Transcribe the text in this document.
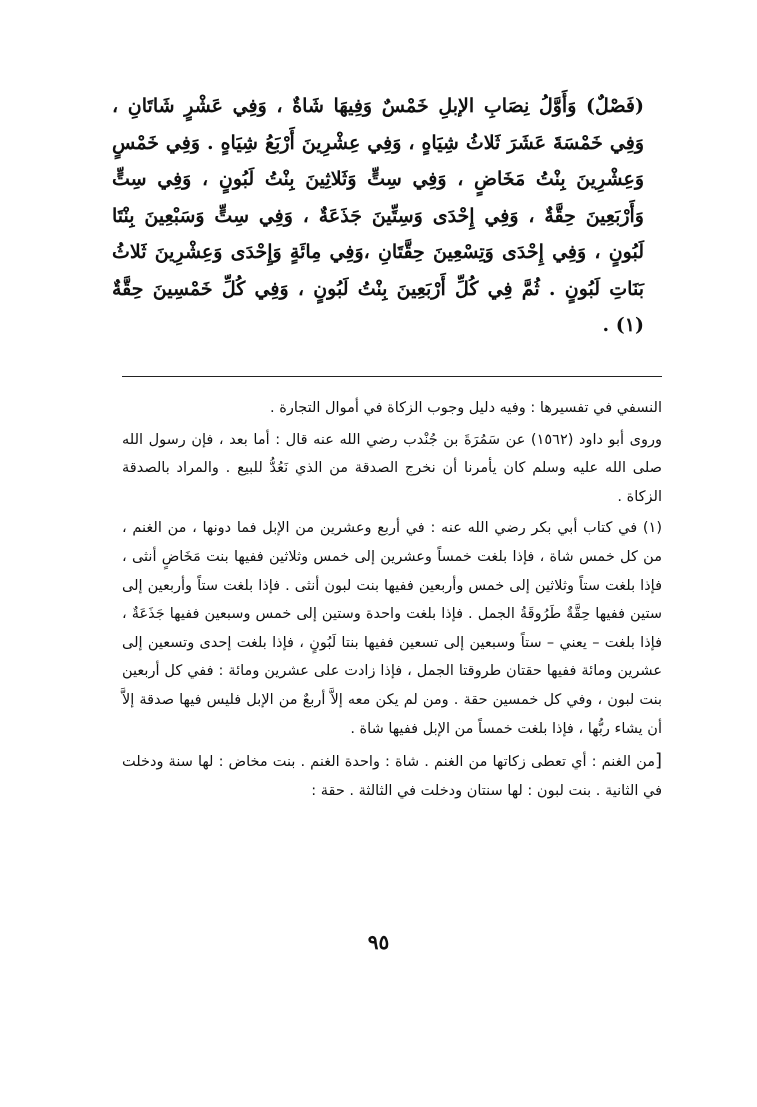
(فَصْلٌ) وَأَوَّلُ نِصَابِ الإبلِ خَمْسٌ وَفِيهَا شَاةٌ ، وَفِي عَشْرٍ شَاتَانِ ، وَفِي خَمْسَةَ عَشَرَ ثَلاثُ شِيَاهٍ ، وَفِي عِشْرِينَ أَرْبَعُ شِيَاهٍ . وَفِي خَمْسٍ وَعِشْرِينَ بِنْتُ مَخَاضٍ ، وَفِي سِتٍّ وَثَلاثِينَ بِنْتُ لَبُونٍ ، وَفِي سِتٍّ وَأَرْبَعِينَ حِقَّةٌ ، وَفِي إِحْدَى وَسِتِّينَ جَذَعَةٌ ، وَفِي سِتٍّ وَسَبْعِينَ بِنْتَا لَبُونٍ ، وَفِي إِحْدَى وَتِسْعِينَ حِقَّتَانِ ،وَفِي مِائَةٍ وَإِحْدَى وَعِشْرِينَ ثَلاثُ بَنَاتِ لَبُونٍ . ثُمَّ فِي كُلِّ أَرْبَعِينَ بِنْتُ لَبُونٍ ، وَفِي كُلِّ خَمْسِينَ حِقَّةٌ (١) .

النسفي في تفسيرها : وفيه دليل وجوب الزكاة في أموال التجارة .

وروى أبو داود (١٥٦٢) عن سَمُرَةَ بن جُنْدب رضي الله عنه قال : أما بعد ، فإن رسول الله صلى الله عليه وسلم كان يأمرنا أن نخرج الصدقة من الذي نَعُدُّ للبيع . والمراد بالصدقة الزكاة .

(١) في كتاب أبي بكر رضي الله عنه : في أربع وعشرين من الإبل فما دونها ، من الغنم ، من كل خمس شاة ، فإذا بلغت خمساً وعشرين إلى خمس وثلاثين ففيها بنت مَخَاضٍ أنثى ، فإذا بلغت ستاً وثلاثين إلى خمس وأربعين ففيها بنت لبون أنثى . فإذا بلغت ستاً وأربعين إلى ستين ففيها حِقَّةٌ طَرُوقَةُ الجمل . فإذا بلغت واحدة وستين إلى خمس وسبعين ففيها جَذَعَةٌ ، فإذا بلغت – يعني – ستاً وسبعين إلى تسعين ففيها بنتا لَبُونٍ ، فإذا بلغت إحدى وتسعين إلى عشرين ومائة ففيها حقتان طروقتا الجمل ، فإذا زادت على عشرين ومائة : ففي كل أربعين بنت لبون ، وفي كل خمسين حقة . ومن لم يكن معه إلاَّ أربعٌ من الإبل فليس فيها صدقة إلاَّ أن يشاء ربُّها ، فإذا بلغت خمساً من الإبل ففيها شاة .

[من الغنم : أي تعطى زكاتها من الغنم . شاة : واحدة الغنم . بنت مخاض : لها سنة ودخلت في الثانية . بنت لبون : لها سنتان ودخلت في الثالثة . حقة :

٩٥
